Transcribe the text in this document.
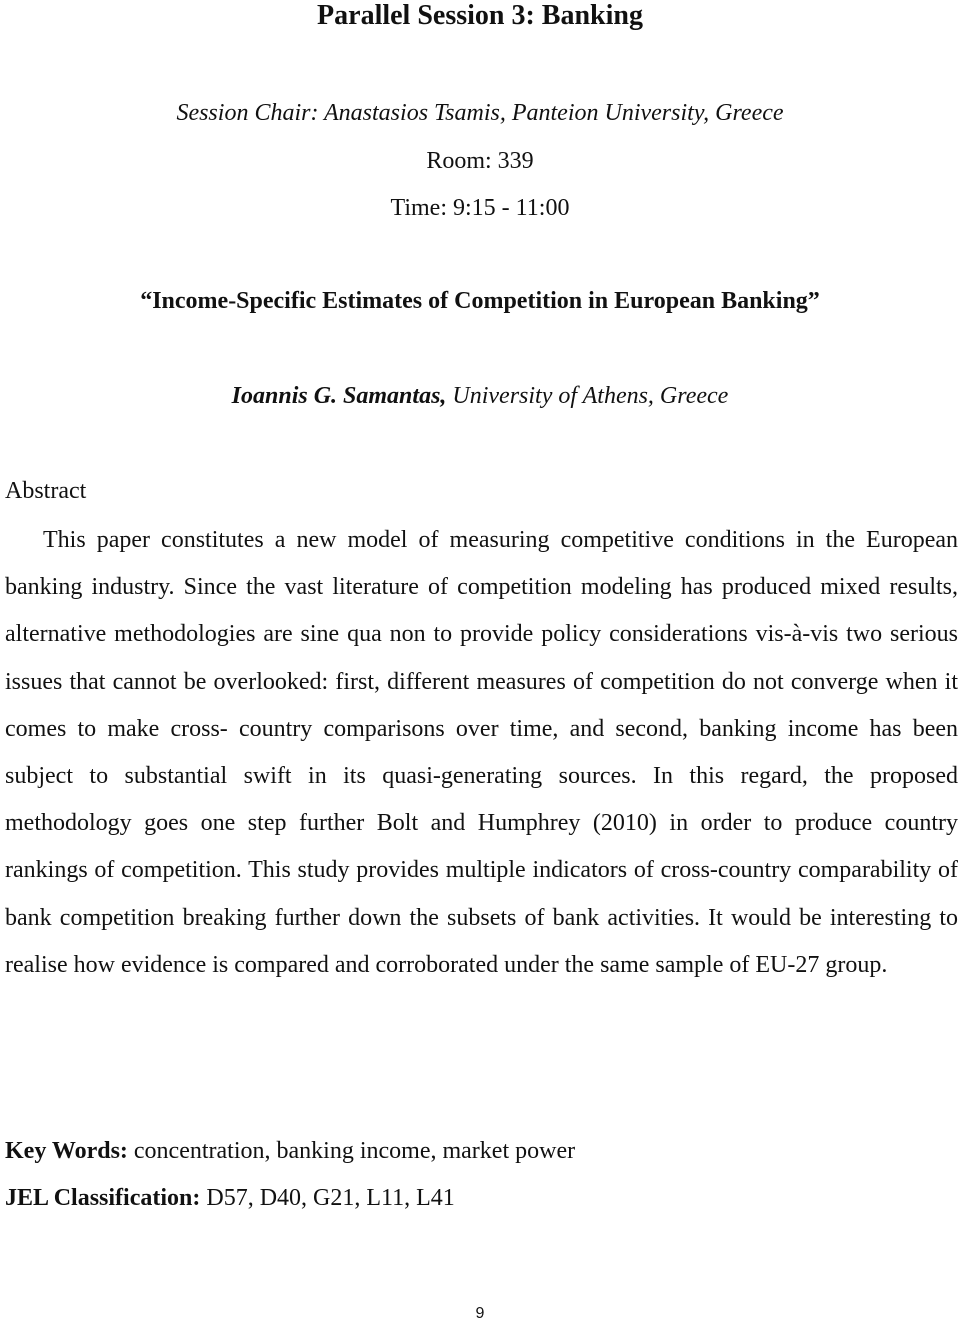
Parallel Session 3: Banking

Session Chair: Anastasios Tsamis, Panteion University, Greece

Room: 339

Time: 9:15 - 11:00

“Income-Specific Estimates of Competition in European Banking”

Ioannis G. Samantas, University of Athens, Greece

Abstract

This paper constitutes a new model of measuring competitive conditions in the European banking industry. Since the vast literature of competition modeling has produced mixed results, alternative methodologies are sine qua non to provide policy considerations vis-à-vis two serious issues that cannot be overlooked: first, different measures of competition do not converge when it comes to make cross- country comparisons over time, and second, banking income has been subject to substantial swift in its quasi-generating sources. In this regard, the proposed methodology goes one step further Bolt and Humphrey (2010) in order to produce country rankings of competition. This study provides multiple indicators of cross-country comparability of bank competition breaking further down the subsets of bank activities. It would be interesting to realise how evidence is compared and corroborated under the same sample of EU-27 group.

Key Words: concentration, banking income, market power

JEL Classification: D57, D40, G21, L11, L41

9
